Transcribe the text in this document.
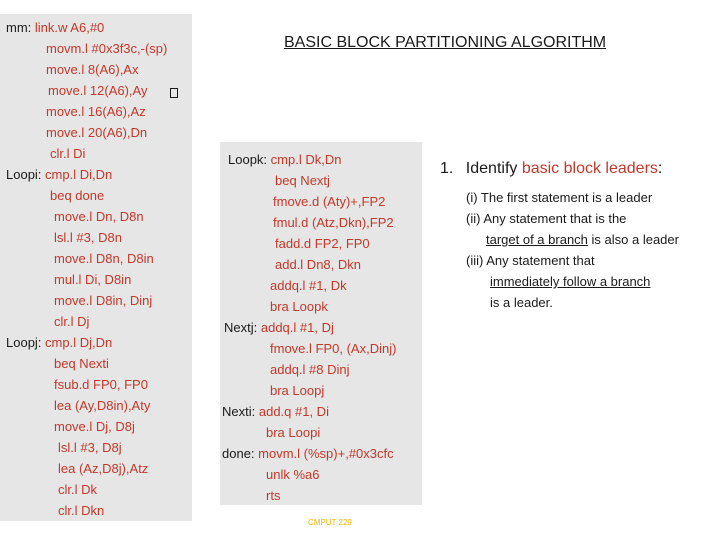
BASIC BLOCK PARTITIONING ALGORITHM
mm: link.w A6,#0
movm.l #0x3f3c,-(sp)
move.l 8(A6),Ax
move.l 12(A6),Ay
move.l 16(A6),Az
move.l 20(A6),Dn
clr.l Di
Loopi: cmp.l Di,Dn
beq done
move.l Dn, D8n
lsl.l #3, D8n
move.l D8n, D8in
mul.l Di, D8in
move.l D8in, Dinj
clr.l Dj
Loopj: cmp.l Dj,Dn
beq Nexti
fsub.d FP0, FP0
lea (Ay,D8in),Aty
move.l Dj, D8j
lsl.l #3, D8j
lea (Az,D8j),Atz
clr.l Dk
clr.l Dkn
Loopk: cmp.l Dk,Dn
beq Nextj
fmove.d (Aty)+,FP2
fmul.d (Atz,Dkn),FP2
fadd.d FP2, FP0
add.l Dn8, Dkn
addq.l #1, Dk
bra Loopk
Nextj: addq.l #1, Dj
fmove.l FP0, (Ax,Dinj)
addq.l #8 Dinj
bra Loopj
Nexti: add.q #1, Di
bra Loopi
done: movm.l (%sp)+,#0x3cfc
unlk %a6
rts
1. Identify basic block leaders:
(i) The first statement is a leader
(ii) Any statement that is the
target of a branch is also a leader
(iii) Any statement that
immediately follow a branch
is a leader.
CMPUT 229
